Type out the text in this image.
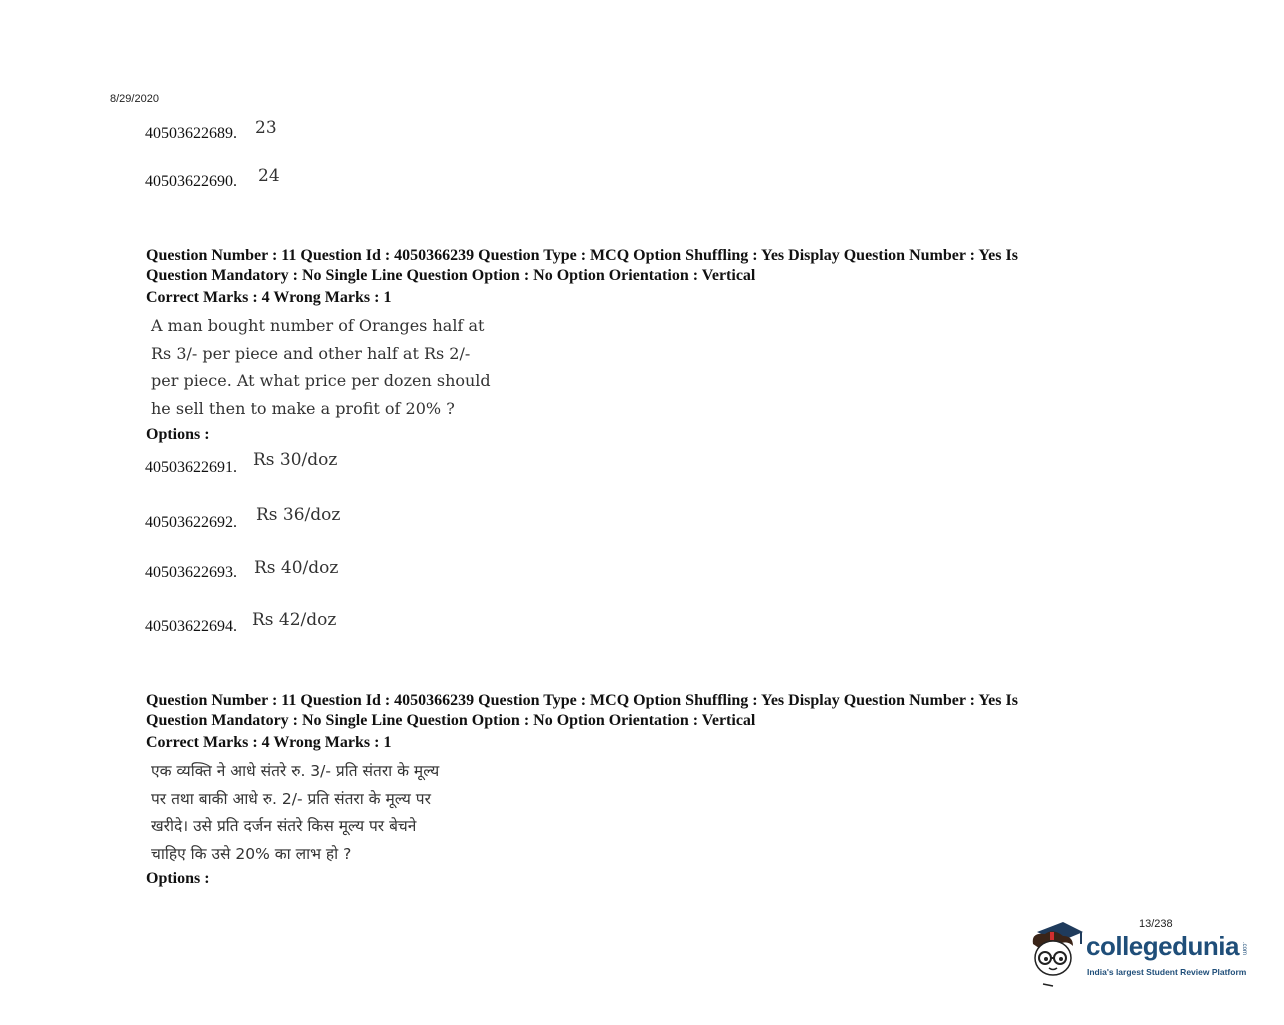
8/29/2020
40503622689. 23
40503622690. 24
Question Number : 11 Question Id : 4050366239 Question Type : MCQ Option Shuffling : Yes Display Question Number : Yes Is
Question Mandatory : No Single Line Question Option : No Option Orientation : Vertical
Correct Marks : 4 Wrong Marks : 1
A man bought number of Oranges half at
Rs 3/- per piece and other half at Rs 2/-
per piece. At what price per dozen should
he sell then to make a profit of 20% ?
Options :
40503622691. Rs 30/doz
40503622692. Rs 36/doz
40503622693. Rs 40/doz
40503622694. Rs 42/doz
Question Number : 11 Question Id : 4050366239 Question Type : MCQ Option Shuffling : Yes Display Question Number : Yes Is
Question Mandatory : No Single Line Question Option : No Option Orientation : Vertical
Correct Marks : 4 Wrong Marks : 1
एक व्यक्ति ने आधे संतरे रु. 3/- प्रति संतरा के मूल्य
पर तथा बाकी आधे रु. 2/- प्रति संतरा के मूल्य पर
खरीदे। उसे प्रति दर्जन संतरे किस मूल्य पर बेचने
चाहिए कि उसे 20% का लाभ हो ?
Options :
13/238
collegedunia .com
India's largest Student Review Platform
